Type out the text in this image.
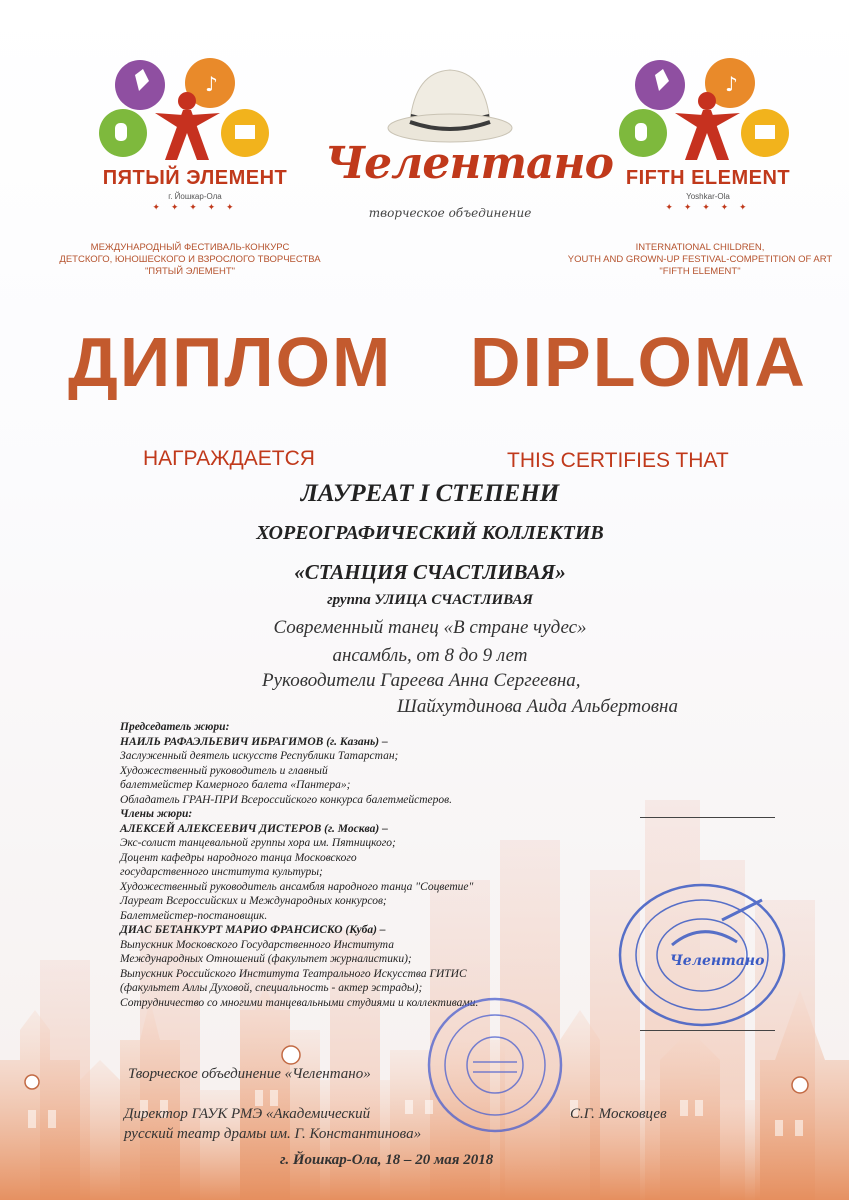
♪
ПЯТЫЙ ЭЛЕМЕНТ
г. Йошкар-Ола
✦ ✦ ✦ ✦ ✦
МЕЖДУНАРОДНЫЙ ФЕСТИВАЛЬ-КОНКУРС
ДЕТСКОГО, ЮНОШЕСКОГО И ВЗРОСЛОГО ТВОРЧЕСТВА
"ПЯТЫЙ ЭЛЕМЕНТ"
Челентано
творческое объединение
♪
FIFTH ELEMENT
Yoshkar-Ola
✦ ✦ ✦ ✦ ✦
INTERNATIONAL CHILDREN,
YOUTH AND GROWN-UP FESTIVAL-COMPETITION OF ART
"FIFTH ELEMENT"
ДИПЛОМ DIPLOMA
НАГРАЖДАЕТСЯ	THIS CERTIFIES THAT
ЛАУРЕАТ I СТЕПЕНИ
ХОРЕОГРАФИЧЕСКИЙ КОЛЛЕКТИВ
«СТАНЦИЯ СЧАСТЛИВАЯ»
группа УЛИЦА СЧАСТЛИВАЯ
Современный танец «В стране чудес»
ансамбль, от 8 до 9 лет
Руководители Гареева Анна Сергеевна,
Шайхутдинова Аида Альбертовна
Председатель жюри:
НАИЛЬ РАФАЭЛЬЕВИЧ ИБРАГИМОВ (г. Казань) –
Заслуженный деятель искусств Республики Татарстан;
Художественный руководитель и главный
балетмейстер Камерного балета «Пантера»;
Обладатель ГРАН-ПРИ Всероссийского конкурса балетмейстеров.
Члены жюри:
АЛЕКСЕЙ АЛЕКСЕЕВИЧ ДИСТЕРОВ (г. Москва) –
Экс-солист танцевальной группы хора им. Пятницкого;
Доцент кафедры народного танца Московского
государственного института культуры;
Художественный руководитель ансамбля народного танца "Соцветие"
Лауреат Всероссийских и Международных конкурсов;
Балетмейстер-постановщик.
ДИАС БЕТАНКУРТ МАРИО ФРАНСИСКО (Куба) –
Выпускник Московского Государственного Института
Международных Отношений (факультет журналистики);
Выпускник Российского Института Театрального Искусства ГИТИС
(факультет Аллы Духовой, специальность - актер эстрады);
Сотрудничество со многими танцевальными студиями и коллективами.
Челентано
Творческое объединение «Челентано»
Директор ГАУК РМЭ «Академический
русский театр драмы им. Г. Константинова»
С.Г. Московцев
г. Йошкар-Ола, 18 – 20 мая 2018
